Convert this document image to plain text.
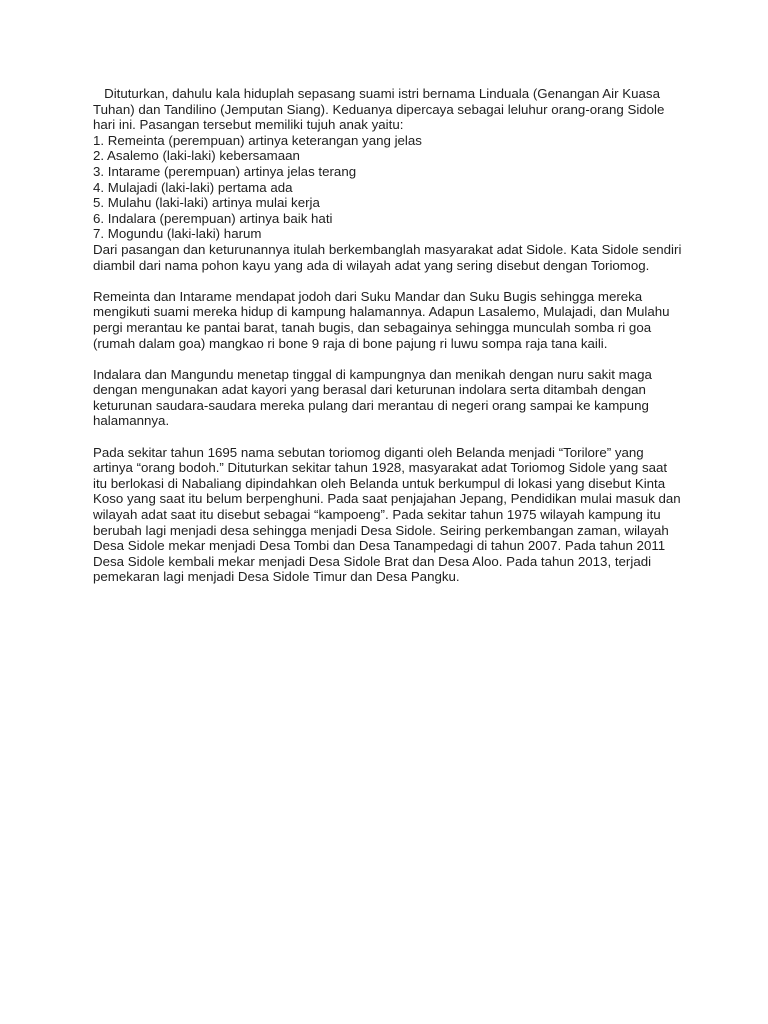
Dituturkan, dahulu kala hiduplah sepasang suami istri bernama Linduala (Genangan Air Kuasa Tuhan) dan Tandilino (Jemputan Siang). Keduanya dipercaya sebagai leluhur orang-orang Sidole hari ini. Pasangan tersebut memiliki tujuh anak yaitu:

1. Remeinta (perempuan) artinya keterangan yang jelas
2. Asalemo (laki-laki) kebersamaan
3. Intarame (perempuan) artinya jelas terang
4. Mulajadi (laki-laki) pertama ada
5. Mulahu (laki-laki) artinya mulai kerja
6. Indalara (perempuan) artinya baik hati
7. Mogundu (laki-laki) harum

Dari pasangan dan keturunannya itulah berkembanglah masyarakat adat Sidole. Kata Sidole sendiri diambil dari nama pohon kayu yang ada di wilayah adat yang sering disebut dengan Toriomog.

Remeinta dan Intarame mendapat jodoh dari Suku Mandar dan Suku Bugis sehingga mereka mengikuti suami mereka hidup di kampung halamannya. Adapun Lasalemo, Mulajadi, dan Mulahu pergi merantau ke pantai barat, tanah bugis, dan sebagainya sehingga munculah somba ri goa (rumah dalam goa) mangkao ri bone 9 raja di bone pajung ri luwu sompa raja tana kaili.

Indalara dan Mangundu menetap tinggal di kampungnya dan menikah dengan nuru sakit maga dengan mengunakan adat kayori yang berasal dari keturunan indolara serta ditambah dengan keturunan saudara-saudara mereka pulang dari merantau di negeri orang sampai ke kampung halamannya.

Pada sekitar tahun 1695 nama sebutan toriomog diganti oleh Belanda menjadi “Torilore” yang artinya “orang bodoh.” Dituturkan sekitar tahun 1928, masyarakat adat Toriomog Sidole yang saat itu berlokasi di Nabaliang dipindahkan oleh Belanda untuk berkumpul di lokasi yang disebut Kinta Koso yang saat itu belum berpenghuni. Pada saat penjajahan Jepang, Pendidikan mulai masuk dan wilayah adat saat itu disebut sebagai “kampoeng”. Pada sekitar tahun 1975 wilayah kampung itu berubah lagi menjadi desa sehingga menjadi Desa Sidole. Seiring perkembangan zaman, wilayah Desa Sidole mekar menjadi Desa Tombi dan Desa Tanampedagi di tahun 2007. Pada tahun 2011 Desa Sidole kembali mekar menjadi Desa Sidole Brat dan Desa Aloo. Pada tahun 2013, terjadi pemekaran lagi menjadi Desa Sidole Timur dan Desa Pangku.
